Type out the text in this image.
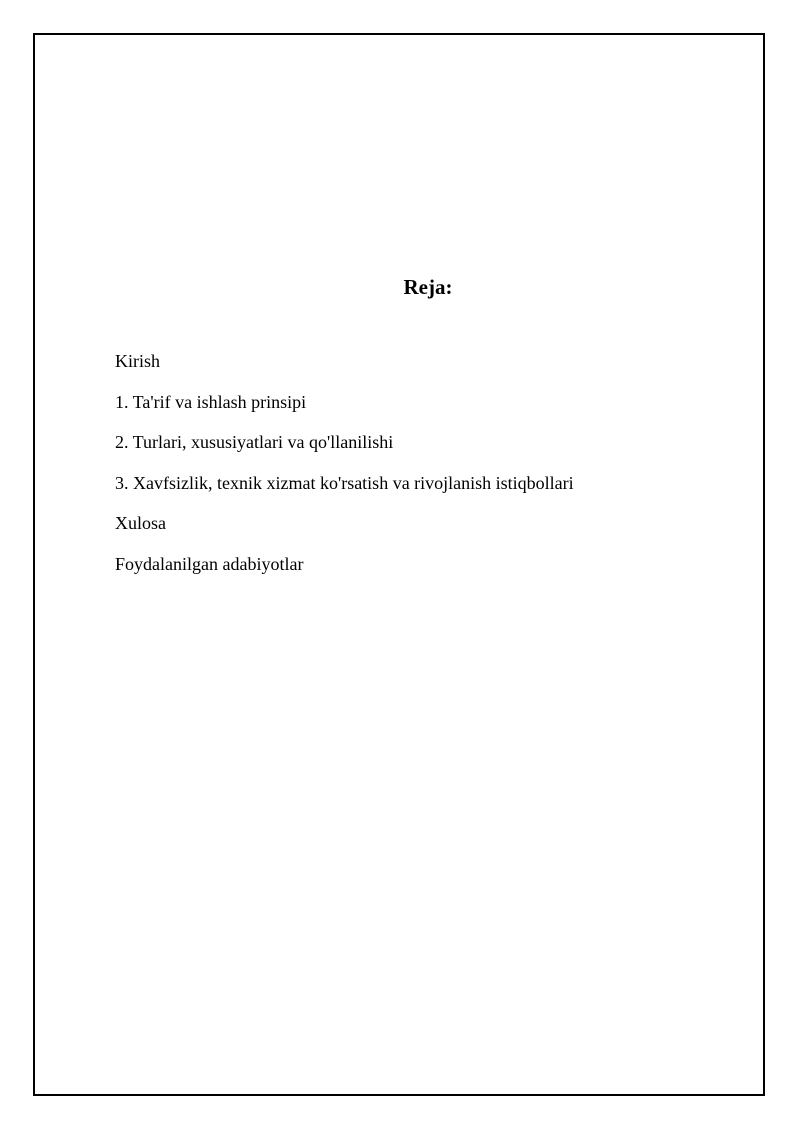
Reja:
Kirish
1. Ta'rif va ishlash prinsipi
2. Turlari, xususiyatlari va qo'llanilishi
3. Xavfsizlik, texnik xizmat ko'rsatish va rivojlanish istiqbollari
Xulosa
Foydalanilgan adabiyotlar
